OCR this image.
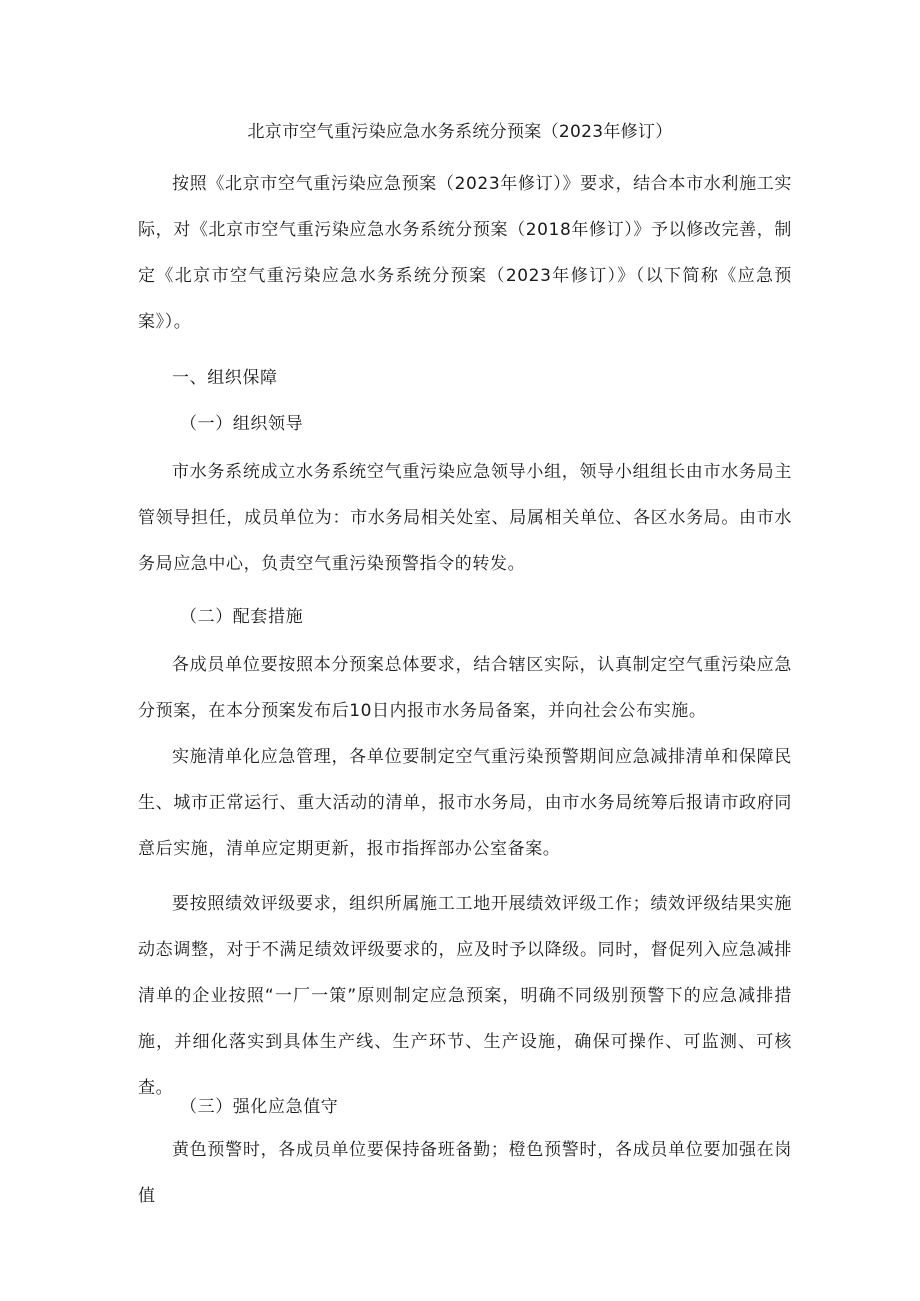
北京市空气重污染应急水务系统分预案（2023年修订）

按照《北京市空气重污染应急预案（2023年修订）》要求，结合本市水利施工实际，对《北京市空气重污染应急水务系统分预案（2018年修订）》予以修改完善，制定《北京市空气重污染应急水务系统分预案（2023年修订）》（以下简称《应急预案》）。

一、组织保障
（一）组织领导

市水务系统成立水务系统空气重污染应急领导小组，领导小组组长由市水务局主管领导担任，成员单位为：市水务局相关处室、局属相关单位、各区水务局。由市水务局应急中心，负责空气重污染预警指令的转发。

（二）配套措施

各成员单位要按照本分预案总体要求，结合辖区实际，认真制定空气重污染应急分预案，在本分预案发布后10日内报市水务局备案，并向社会公布实施。

实施清单化应急管理，各单位要制定空气重污染预警期间应急减排清单和保障民生、城市正常运行、重大活动的清单，报市水务局，由市水务局统筹后报请市政府同意后实施，清单应定期更新，报市指挥部办公室备案。

要按照绩效评级要求，组织所属施工工地开展绩效评级工作；绩效评级结果实施动态调整，对于不满足绩效评级要求的，应及时予以降级。同时，督促列入应急减排清单的企业按照“一厂一策”原则制定应急预案，明确不同级别预警下的应急减排措施，并细化落实到具体生产线、生产环节、生产设施，确保可操作、可监测、可核查。

（三）强化应急值守

黄色预警时，各成员单位要保持备班备勤；橙色预警时，各成员单位要加强在岗值
